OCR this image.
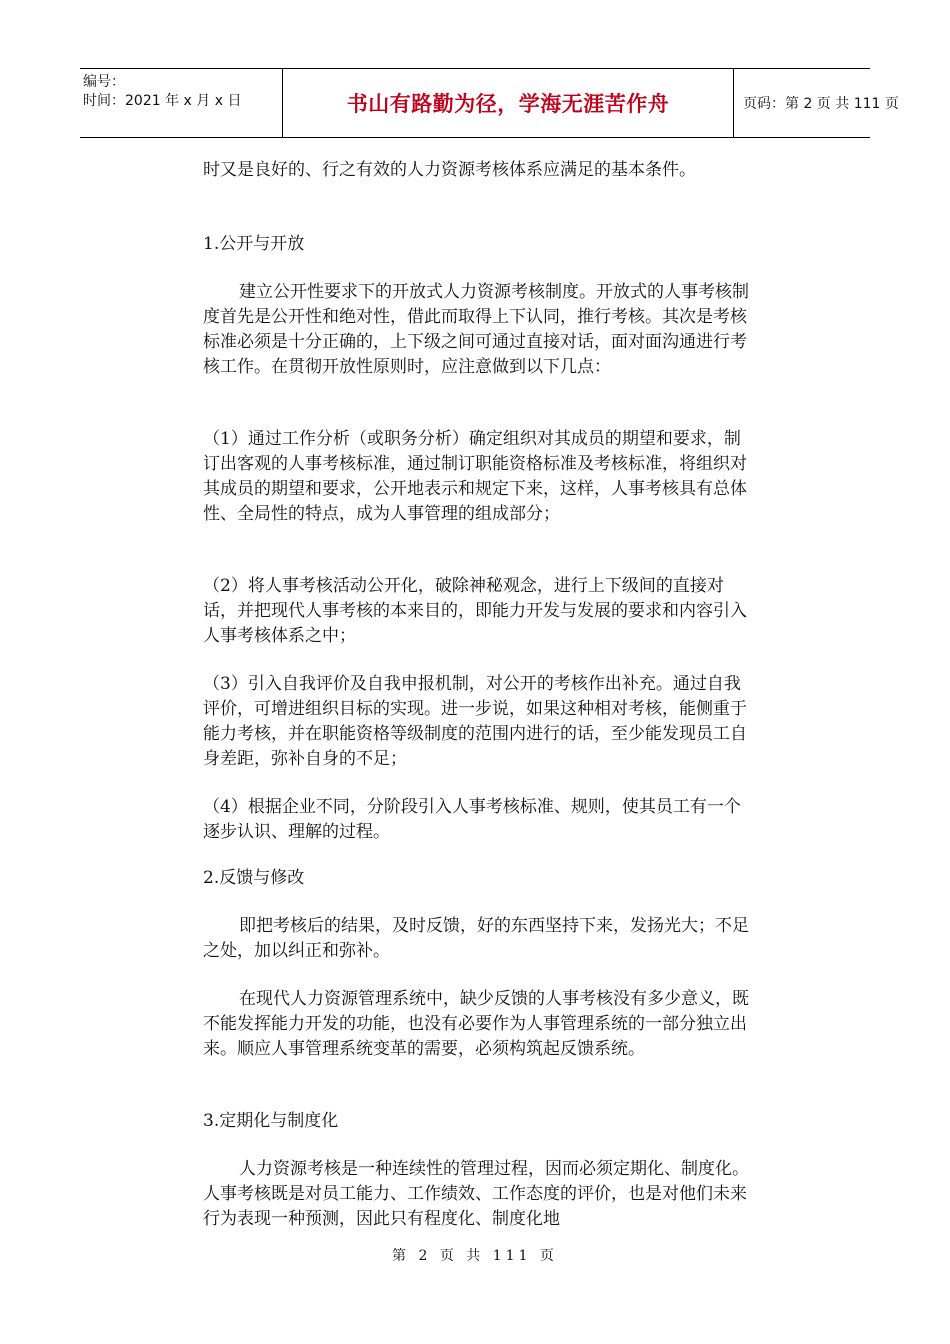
编号：
时间：2021 年 x 月 x 日	书山有路勤为径，学海无涯苦作舟	页码：第 2 页 共 111 页

时又是良好的、行之有效的人力资源考核体系应满足的基本条件。

1.公开与开放

建立公开性要求下的开放式人力资源考核制度。开放式的人事考核制度首先是公开性和绝对性，借此而取得上下认同，推行考核。其次是考核标准必须是十分正确的，上下级之间可通过直接对话，面对面沟通进行考核工作。在贯彻开放性原则时，应注意做到以下几点：

（1）通过工作分析（或职务分析）确定组织对其成员的期望和要求，制订出客观的人事考核标准，通过制订职能资格标准及考核标准，将组织对其成员的期望和要求，公开地表示和规定下来，这样，人事考核具有总体性、全局性的特点，成为人事管理的组成部分；

（2）将人事考核活动公开化，破除神秘观念，进行上下级间的直接对话，并把现代人事考核的本来目的，即能力开发与发展的要求和内容引入人事考核体系之中；

（3）引入自我评价及自我申报机制，对公开的考核作出补充。通过自我评价，可增进组织目标的实现。进一步说，如果这种相对考核，能侧重于能力考核，并在职能资格等级制度的范围内进行的话，至少能发现员工自身差距，弥补自身的不足；

（4）根据企业不同，分阶段引入人事考核标准、规则，使其员工有一个逐步认识、理解的过程。

2.反馈与修改

即把考核后的结果，及时反馈，好的东西坚持下来，发扬光大；不足之处，加以纠正和弥补。

在现代人力资源管理系统中，缺少反馈的人事考核没有多少意义，既不能发挥能力开发的功能，也没有必要作为人事管理系统的一部分独立出来。顺应人事管理系统变革的需要，必须构筑起反馈系统。

3.定期化与制度化

人力资源考核是一种连续性的管理过程，因而必须定期化、制度化。人事考核既是对员工能力、工作绩效、工作态度的评价，也是对他们未来行为表现一种预测，因此只有程度化、制度化地

第 2 页 共 111 页
